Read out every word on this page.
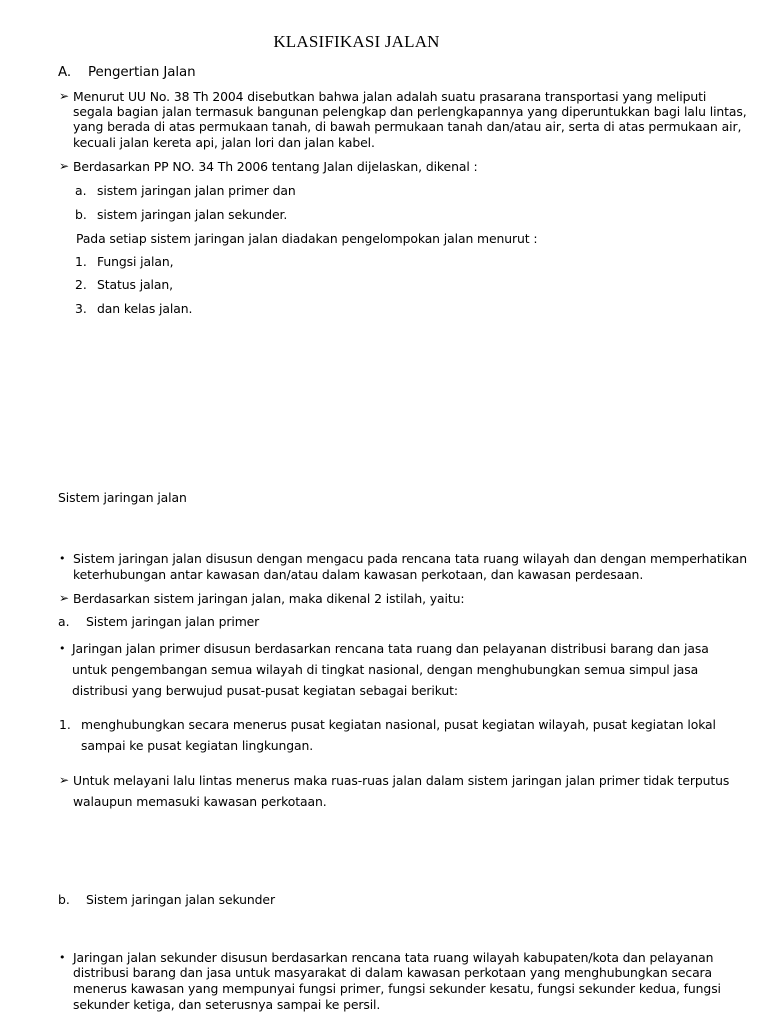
KLASIFIKASI JALAN
A. Pengertian Jalan
➢ Menurut UU No. 38 Th 2004 disebutkan bahwa jalan adalah suatu prasarana transportasi yang meliputi
segala bagian jalan termasuk bangunan pelengkap dan perlengkapannya yang diperuntukkan bagi lalu lintas,
yang berada di atas permukaan tanah, di bawah permukaan tanah dan/atau air, serta di atas permukaan air,
kecuali jalan kereta api, jalan lori dan jalan kabel.
➢ Berdasarkan PP NO. 34 Th 2006 tentang Jalan dijelaskan, dikenal :
a. sistem jaringan jalan primer dan
b. sistem jaringan jalan sekunder.
Pada setiap sistem jaringan jalan diadakan pengelompokan jalan menurut :
1. Fungsi jalan,
2. Status jalan,
3. dan kelas jalan.
Sistem jaringan jalan
• Sistem jaringan jalan disusun dengan mengacu pada rencana tata ruang wilayah dan dengan memperhatikan
keterhubungan antar kawasan dan/atau dalam kawasan perkotaan, dan kawasan perdesaan.
➢ Berdasarkan sistem jaringan jalan, maka dikenal 2 istilah, yaitu:
a. Sistem jaringan jalan primer
• Jaringan jalan primer disusun berdasarkan rencana tata ruang dan pelayanan distribusi barang dan jasa
untuk pengembangan semua wilayah di tingkat nasional, dengan menghubungkan semua simpul jasa
distribusi yang berwujud pusat-pusat kegiatan sebagai berikut:
1. menghubungkan secara menerus pusat kegiatan nasional, pusat kegiatan wilayah, pusat kegiatan lokal
sampai ke pusat kegiatan lingkungan.
➢ Untuk melayani lalu lintas menerus maka ruas-ruas jalan dalam sistem jaringan jalan primer tidak terputus
walaupun memasuki kawasan perkotaan.
b. Sistem jaringan jalan sekunder
• Jaringan jalan sekunder disusun berdasarkan rencana tata ruang wilayah kabupaten/kota dan pelayanan
distribusi barang dan jasa untuk masyarakat di dalam kawasan perkotaan yang menghubungkan secara
menerus kawasan yang mempunyai fungsi primer, fungsi sekunder kesatu, fungsi sekunder kedua, fungsi
sekunder ketiga, dan seterusnya sampai ke persil.
